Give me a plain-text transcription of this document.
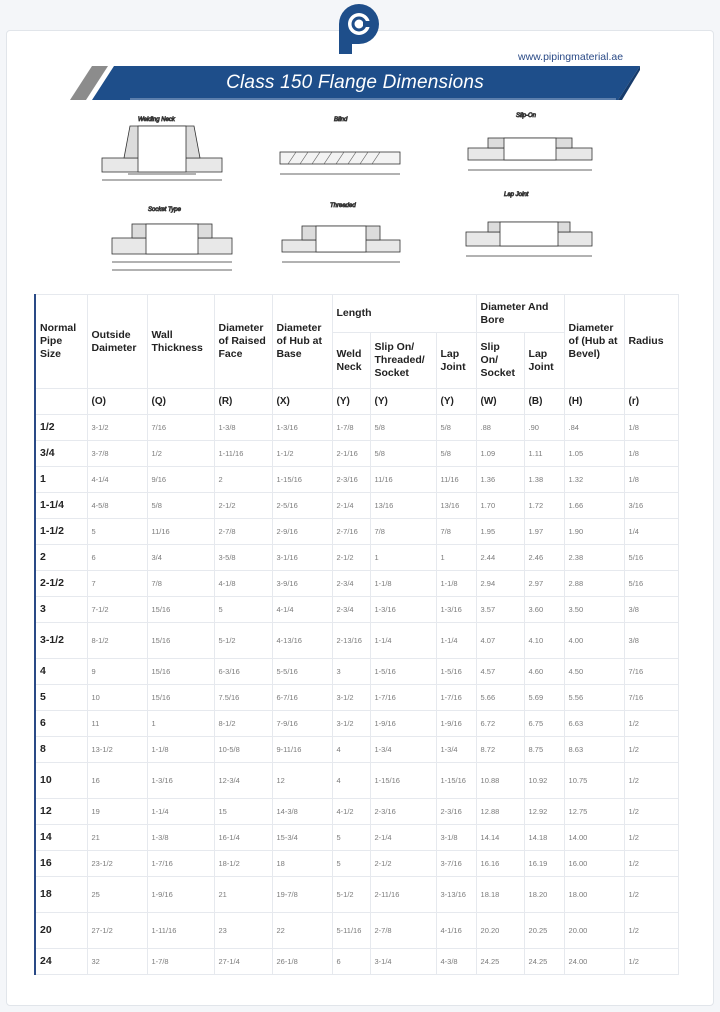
www.pipingmaterial.ae
Class 150 Flange Dimensions
Welding Neck	Blind
Slip-On
Socket Type
Threaded
Lap Joint
Normal Pipe Size	Outside Daimeter	Wall Thickness	Diameter of Raised Face	Diameter of Hub at Base	Length			Diameter And Bore		Diameter of (Hub at Bevel)	Radius
					Weld Neck	Slip On/ Threaded/ Socket	Lap Joint	Slip On/ Socket	Lap Joint		
	(O)	(Q)	(R)	(X)	(Y)	(Y)	(Y)	(W)	(B)	(H)	(r)
1/2	3-1/2	7/16	1-3/8	1-3/16	1-7/8	5/8	5/8	.88	.90	.84	1/8
3/4	3-7/8	1/2	1-11/16	1-1/2	2-1/16	5/8	5/8	1.09	1.11	1.05	1/8
1	4-1/4	9/16	2	1-15/16	2-3/16	11/16	11/16	1.36	1.38	1.32	1/8
1-1/4	4-5/8	5/8	2-1/2	2-5/16	2-1/4	13/16	13/16	1.70	1.72	1.66	3/16
1-1/2	5	11/16	2-7/8	2-9/16	2-7/16	7/8	7/8	1.95	1.97	1.90	1/4
2	6	3/4	3-5/8	3-1/16	2-1/2	1	1	2.44	2.46	2.38	5/16
2-1/2	7	7/8	4-1/8	3-9/16	2-3/4	1-1/8	1-1/8	2.94	2.97	2.88	5/16
3	7-1/2	15/16	5	4-1/4	2-3/4	1-3/16	1-3/16	3.57	3.60	3.50	3/8
3-1/2	8-1/2	15/16	5-1/2	4-13/16	2-13/16	1-1/4	1-1/4	4.07	4.10	4.00	3/8
4	9	15/16	6-3/16	5-5/16	3	1-5/16	1-5/16	4.57	4.60	4.50	7/16
5	10	15/16	7.5/16	6-7/16	3-1/2	1-7/16	1-7/16	5.66	5.69	5.56	7/16
6	11	1	8-1/2	7-9/16	3-1/2	1-9/16	1-9/16	6.72	6.75	6.63	1/2
8	13-1/2	1-1/8	10-5/8	9-11/16	4	1-3/4	1-3/4	8.72	8.75	8.63	1/2
10	16	1-3/16	12-3/4	12	4	1-15/16	1-15/16	10.88	10.92	10.75	1/2
12	19	1-1/4	15	14-3/8	4-1/2	2-3/16	2-3/16	12.88	12.92	12.75	1/2
14	21	1-3/8	16-1/4	15-3/4	5	2-1/4	3-1/8	14.14	14.18	14.00	1/2
16	23-1/2	1-7/16	18-1/2	18	5	2-1/2	3-7/16	16.16	16.19	16.00	1/2
18	25	1-9/16	21	19-7/8	5-1/2	2-11/16	3-13/16	18.18	18.20	18.00	1/2
20	27-1/2	1-11/16	23	22	5-11/16	2-7/8	4-1/16	20.20	20.25	20.00	1/2
24	32	1-7/8	27-1/4	26-1/8	6	3-1/4	4-3/8	24.25	24.25	24.00	1/2
